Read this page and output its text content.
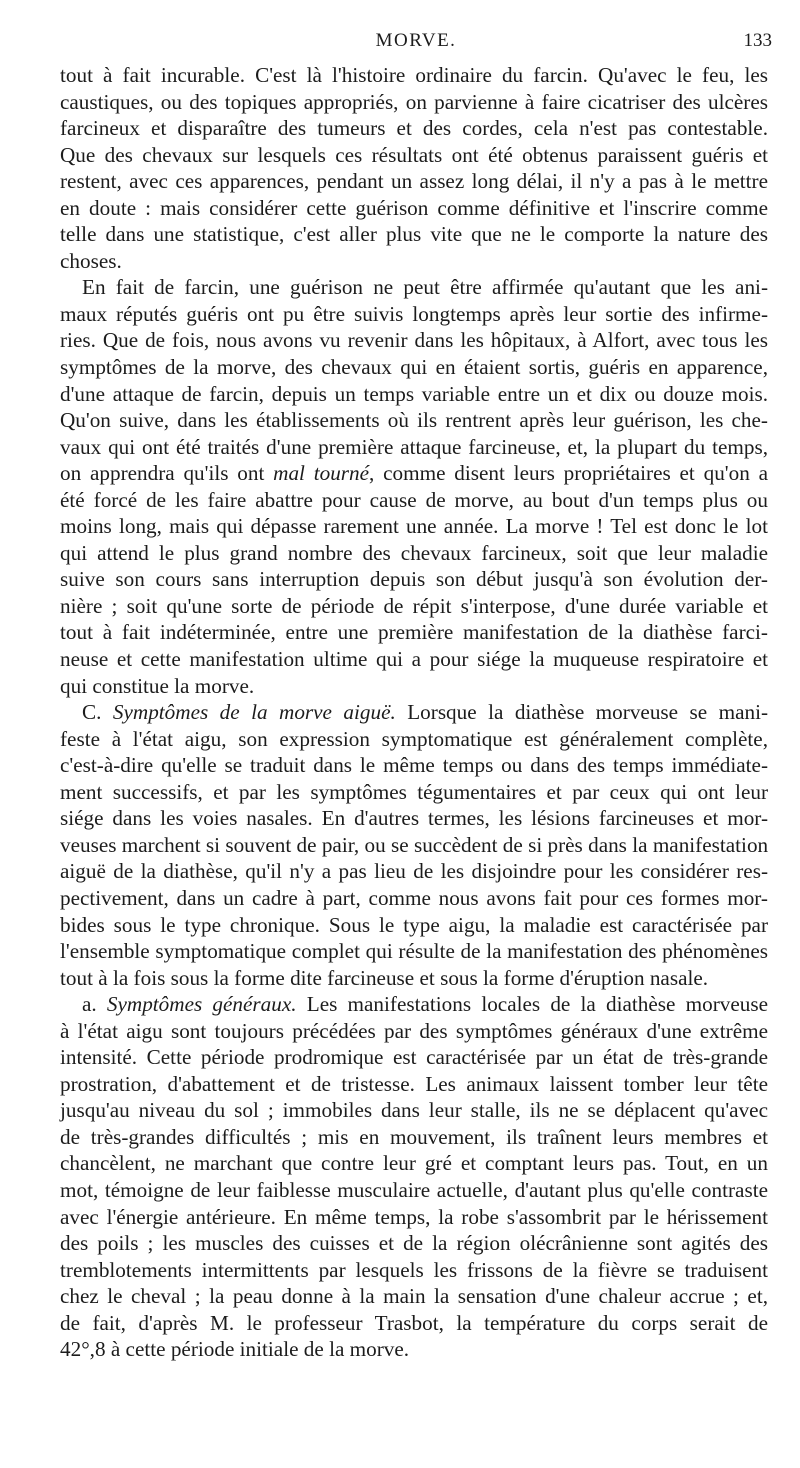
MORVE.	133
tout à fait incurable. C'est là l'histoire ordinaire du farcin. Qu'avec le feu, les
caustiques, ou des topiques appropriés, on parvienne à faire cicatriser des ulcères
farcineux et disparaître des tumeurs et des cordes, cela n'est pas contestable.
Que des chevaux sur lesquels ces résultats ont été obtenus paraissent guéris et
restent, avec ces apparences, pendant un assez long délai, il n'y a pas à le mettre
en doute : mais considérer cette guérison comme définitive et l'inscrire comme
telle dans une statistique, c'est aller plus vite que ne le comporte la nature des
choses.
En fait de farcin, une guérison ne peut être affirmée qu'autant que les ani-
maux réputés guéris ont pu être suivis longtemps après leur sortie des infirme-
ries. Que de fois, nous avons vu revenir dans les hôpitaux, à Alfort, avec tous les
symptômes de la morve, des chevaux qui en étaient sortis, guéris en apparence,
d'une attaque de farcin, depuis un temps variable entre un et dix ou douze mois.
Qu'on suive, dans les établissements où ils rentrent après leur guérison, les che-
vaux qui ont été traités d'une première attaque farcineuse, et, la plupart du temps,
on apprendra qu'ils ont mal tourné, comme disent leurs propriétaires et qu'on a
été forcé de les faire abattre pour cause de morve, au bout d'un temps plus ou
moins long, mais qui dépasse rarement une année. La morve ! Tel est donc le lot
qui attend le plus grand nombre des chevaux farcineux, soit que leur maladie
suive son cours sans interruption depuis son début jusqu'à son évolution der-
nière ; soit qu'une sorte de période de répit s'interpose, d'une durée variable et
tout à fait indéterminée, entre une première manifestation de la diathèse farci-
neuse et cette manifestation ultime qui a pour siége la muqueuse respiratoire et
qui constitue la morve.
C. Symptômes de la morve aiguë. Lorsque la diathèse morveuse se mani-
feste à l'état aigu, son expression symptomatique est généralement complète,
c'est-à-dire qu'elle se traduit dans le même temps ou dans des temps immédiate-
ment successifs, et par les symptômes tégumentaires et par ceux qui ont leur
siége dans les voies nasales. En d'autres termes, les lésions farcineuses et mor-
veuses marchent si souvent de pair, ou se succèdent de si près dans la manifestation
aiguë de la diathèse, qu'il n'y a pas lieu de les disjoindre pour les considérer res-
pectivement, dans un cadre à part, comme nous avons fait pour ces formes mor-
bides sous le type chronique. Sous le type aigu, la maladie est caractérisée par
l'ensemble symptomatique complet qui résulte de la manifestation des phénomènes
tout à la fois sous la forme dite farcineuse et sous la forme d'éruption nasale.
a. Symptômes généraux. Les manifestations locales de la diathèse morveuse
à l'état aigu sont toujours précédées par des symptômes généraux d'une extrême
intensité. Cette période prodromique est caractérisée par un état de très-grande
prostration, d'abattement et de tristesse. Les animaux laissent tomber leur tête
jusqu'au niveau du sol ; immobiles dans leur stalle, ils ne se déplacent qu'avec
de très-grandes difficultés ; mis en mouvement, ils traînent leurs membres et
chancèlent, ne marchant que contre leur gré et comptant leurs pas. Tout, en un
mot, témoigne de leur faiblesse musculaire actuelle, d'autant plus qu'elle contraste
avec l'énergie antérieure. En même temps, la robe s'assombrit par le hérissement
des poils ; les muscles des cuisses et de la région olécrânienne sont agités des
tremblotements intermittents par lesquels les frissons de la fièvre se traduisent
chez le cheval ; la peau donne à la main la sensation d'une chaleur accrue ; et,
de fait, d'après M. le professeur Trasbot, la température du corps serait de
42°,8 à cette période initiale de la morve.
